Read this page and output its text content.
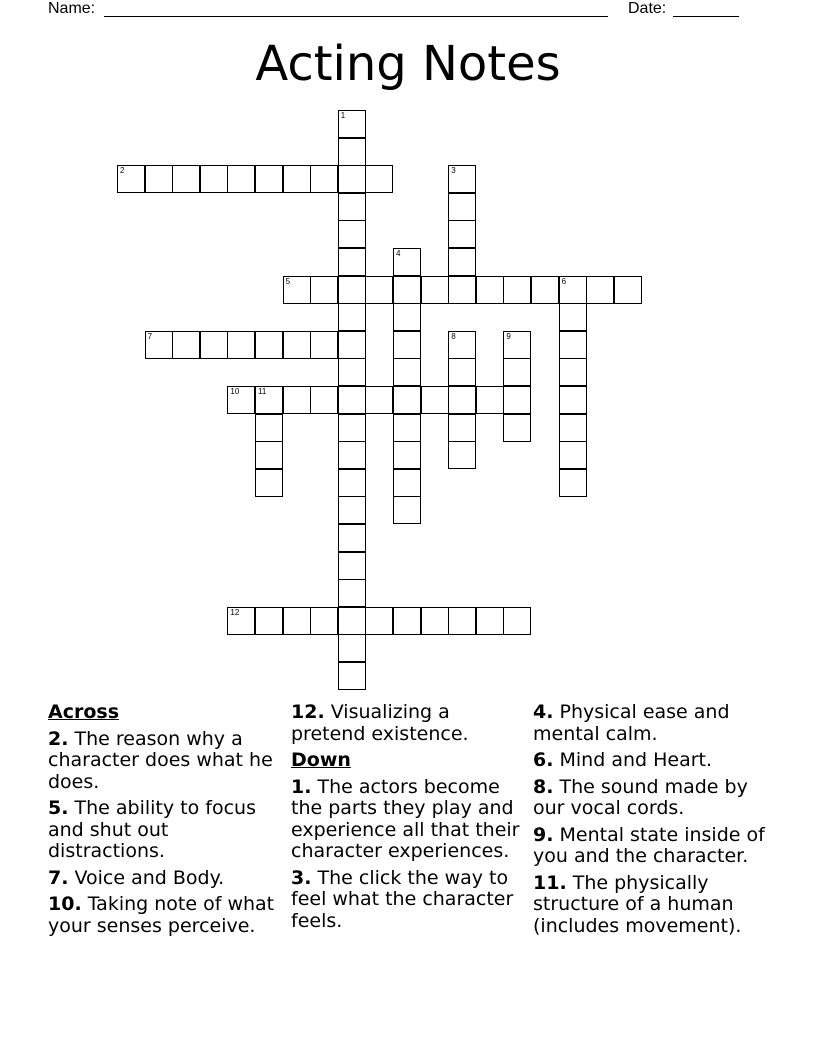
Name:	Date:
Acting Notes
1
2	3
4
5	6
7	8	9
10 11
12
Across
2. The reason why a character does what he does.
5. The ability to focus and shut out distractions.
7. Voice and Body.
10. Taking note of what your senses perceive.
12. Visualizing a pretend existence.
Down
1. The actors become the parts they play and experience all that their character experiences.
3. The click the way to feel what the character feels.
4. Physical ease and mental calm.
6. Mind and Heart.
8. The sound made by our vocal cords.
9. Mental state inside of you and the character.
11. The physically structure of a human (includes movement).
